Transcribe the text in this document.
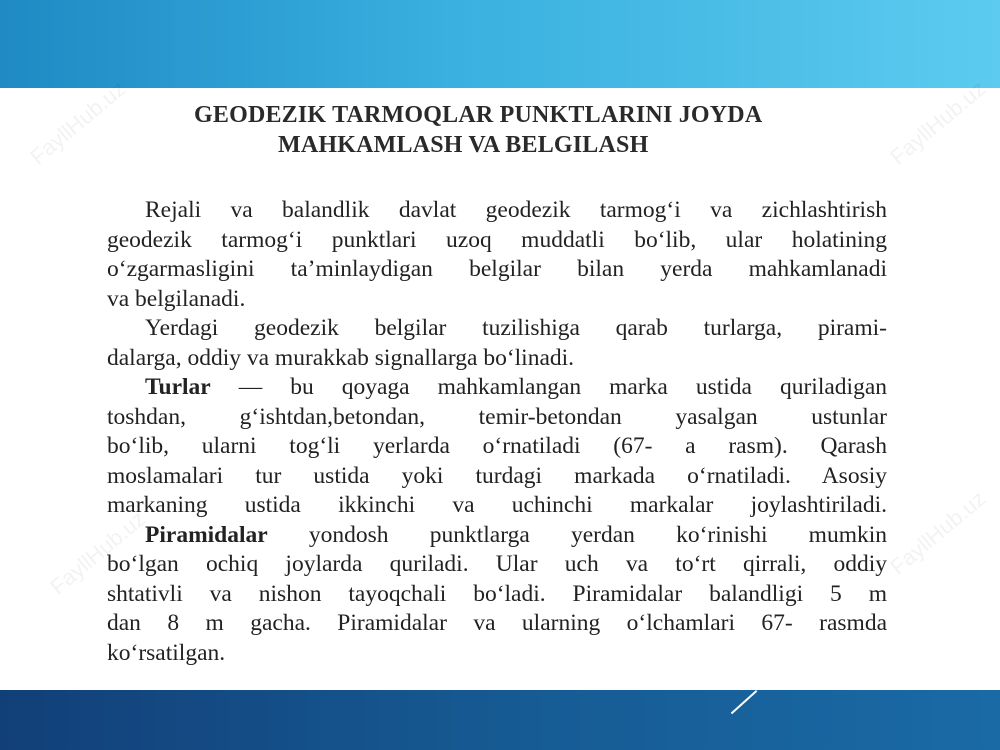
FayllHub.uz	FayllHub.uz
FayllHub.uz	FayllHub.uz
GEODEZIK TARMOQLAR PUNKTLARINI JOYDA
MAHKAMLASH VA BELGILASH
Rejali va balandlik davlat geodezik tarmog‘i va zichlashtirish
geodezik tarmog‘i punktlari uzoq muddatli bo‘lib, ular holatining
o‘zgarmasligini ta’minlaydigan belgilar bilan yerda mahkamlanadi
va belgilanadi.
Yerdagi geodezik belgilar tuzilishiga qarab turlarga, pirami-
dalarga, oddiy va murakkab signallarga bo‘linadi.
Turlar — bu qoyaga mahkamlangan marka ustida quriladigan
toshdan, g‘ishtdan,betondan, temir-betondan yasalgan ustunlar
bo‘lib, ularni tog‘li yerlarda o‘rnatiladi (67- a rasm). Qarash
moslamalari tur ustida yoki turdagi markada o‘rnatiladi. Asosiy
markaning ustida ikkinchi va uchinchi markalar joylashtiriladi.
Piramidalar yondosh punktlarga yerdan ko‘rinishi mumkin
bo‘lgan ochiq joylarda quriladi. Ular uch va to‘rt qirrali, oddiy
shtativli va nishon tayoqchali bo‘ladi. Piramidalar balandligi 5 m
dan 8 m gacha. Piramidalar va ularning o‘lchamlari 67- rasmda
ko‘rsatilgan.
